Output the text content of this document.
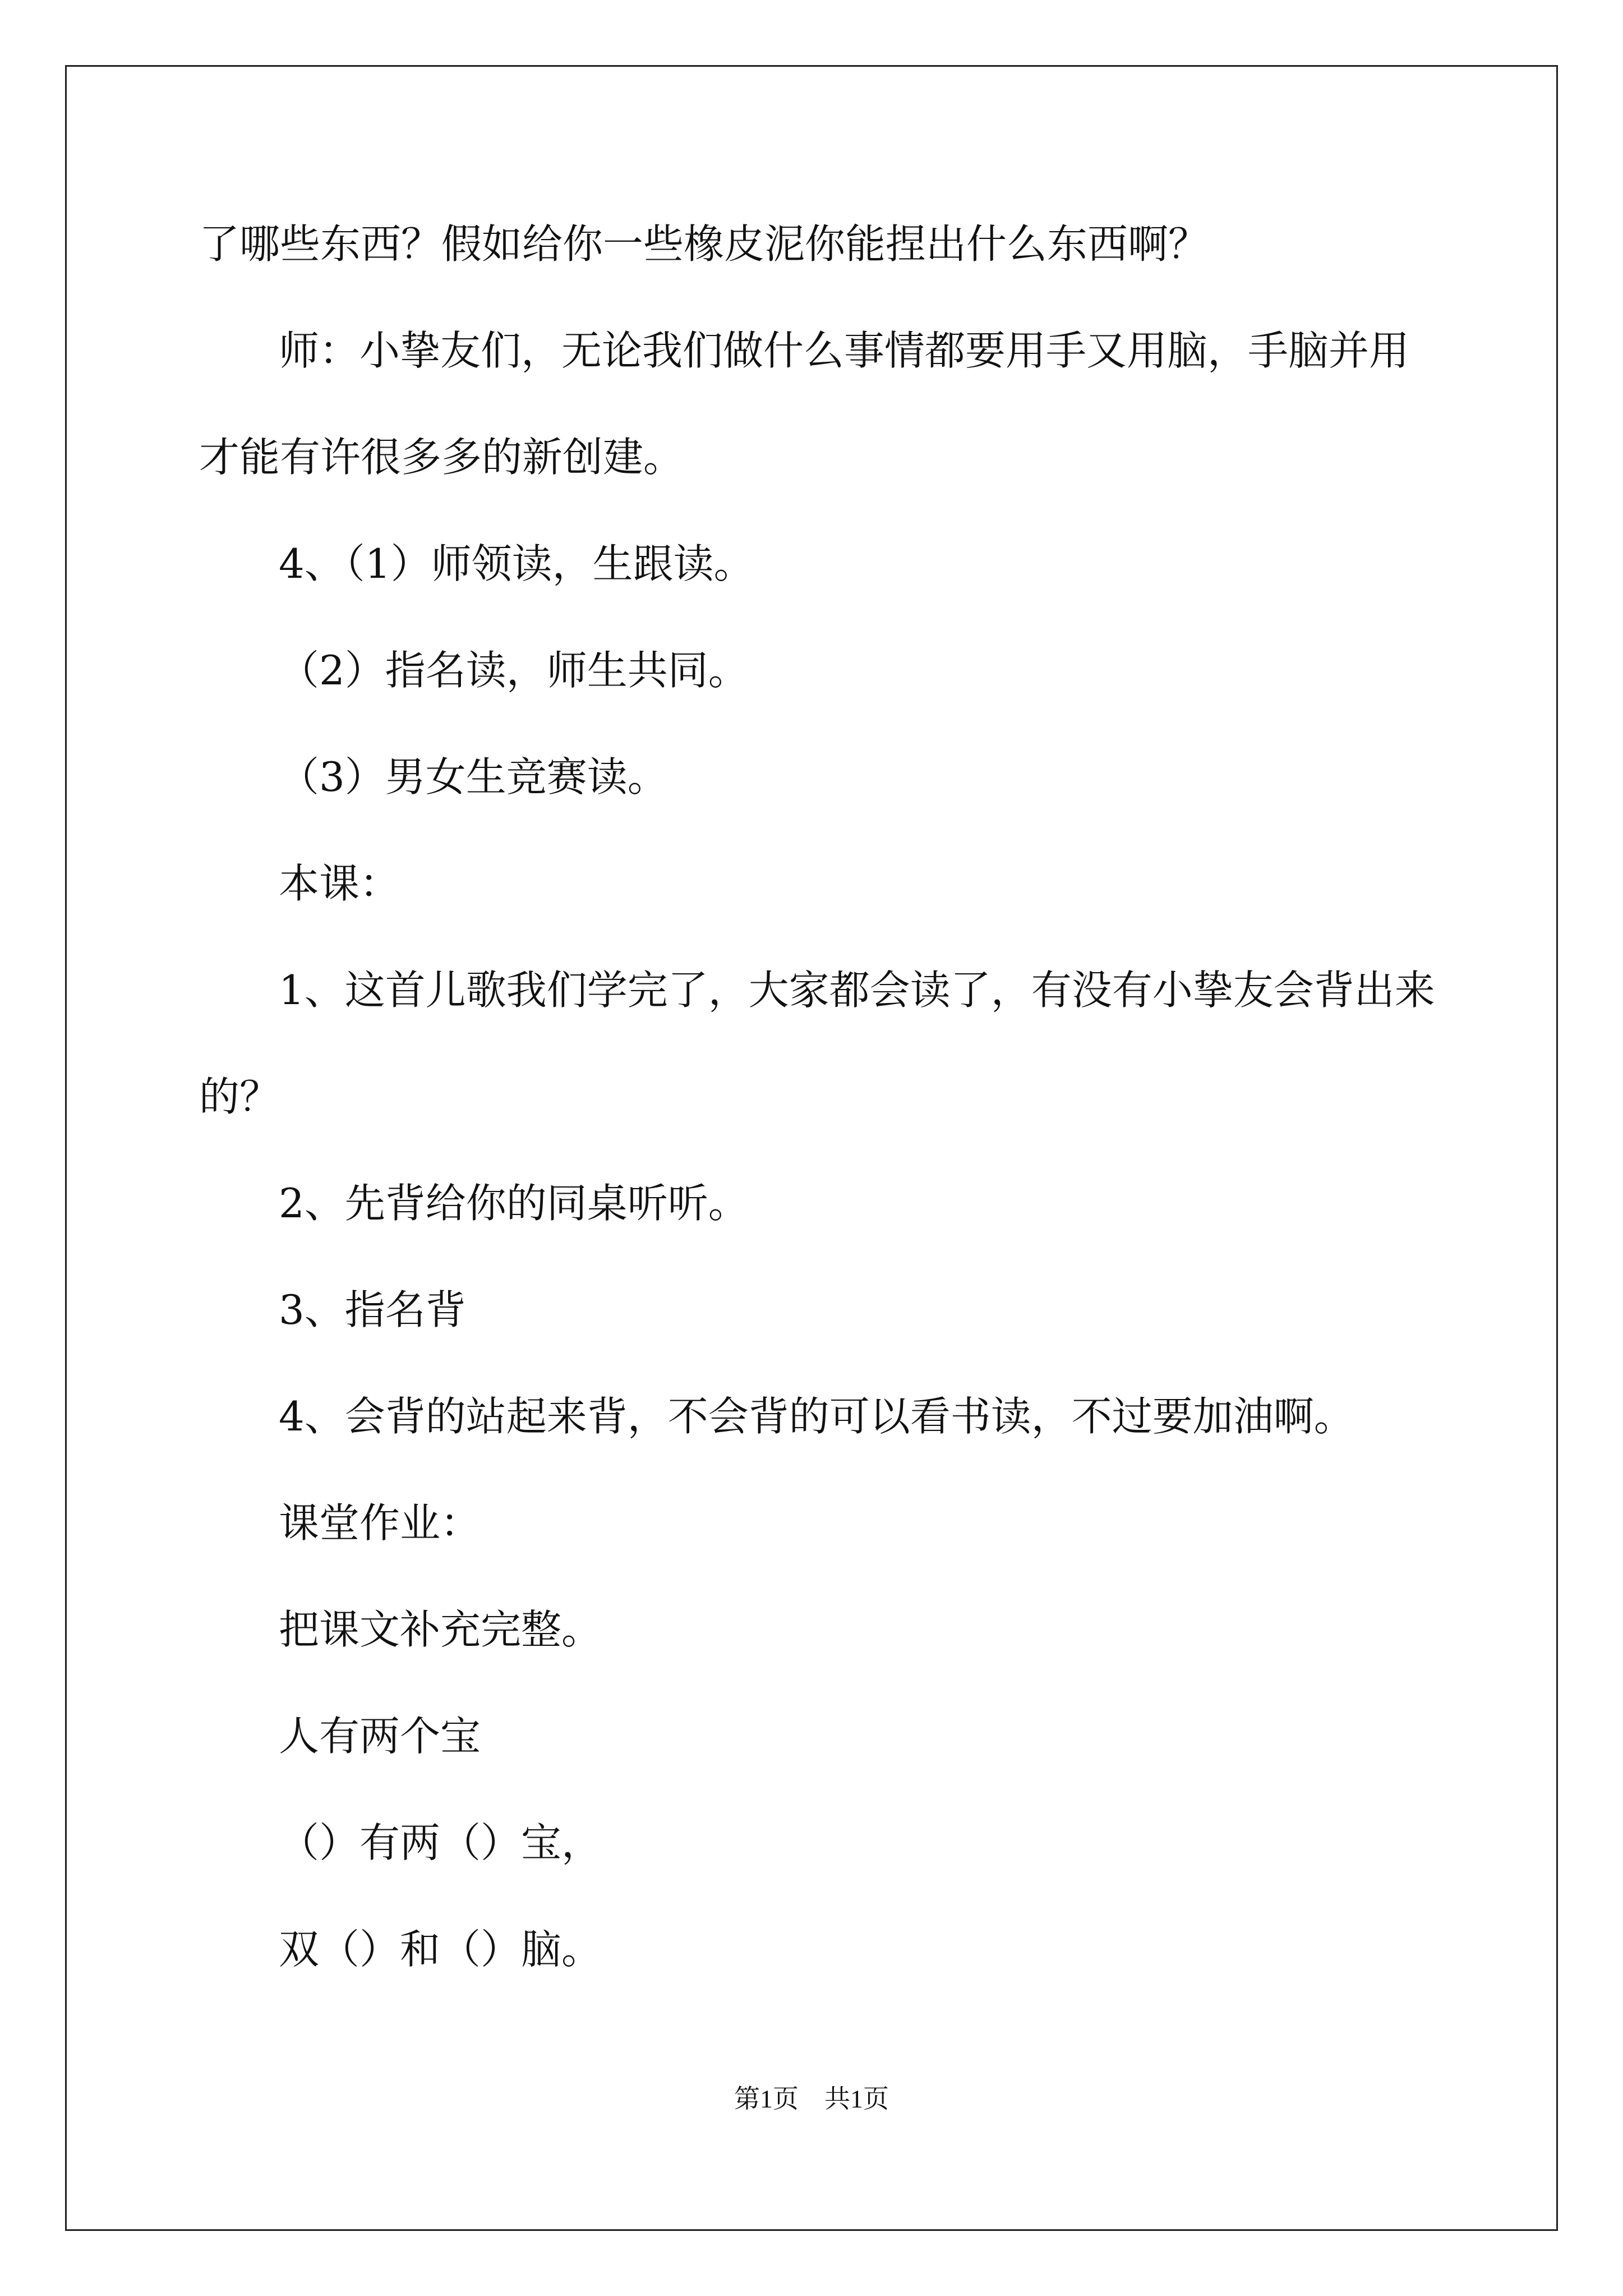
了哪些东西？假如给你一些橡皮泥你能捏出什么东西啊？
师：小挚友们，无论我们做什么事情都要用手又用脑，手脑并用
才能有许很多多的新创建。
4、（1）师领读，生跟读。
（2）指名读，师生共同。
（3）男女生竞赛读。
本课：
1、这首儿歌我们学完了，大家都会读了，有没有小挚友会背出来
的？
2、先背给你的同桌听听。
3、指名背
4、会背的站起来背，不会背的可以看书读，不过要加油啊。
课堂作业：
把课文补充完整。
人有两个宝
（）有两（）宝，
双（）和（）脑。
第1页　共1页
